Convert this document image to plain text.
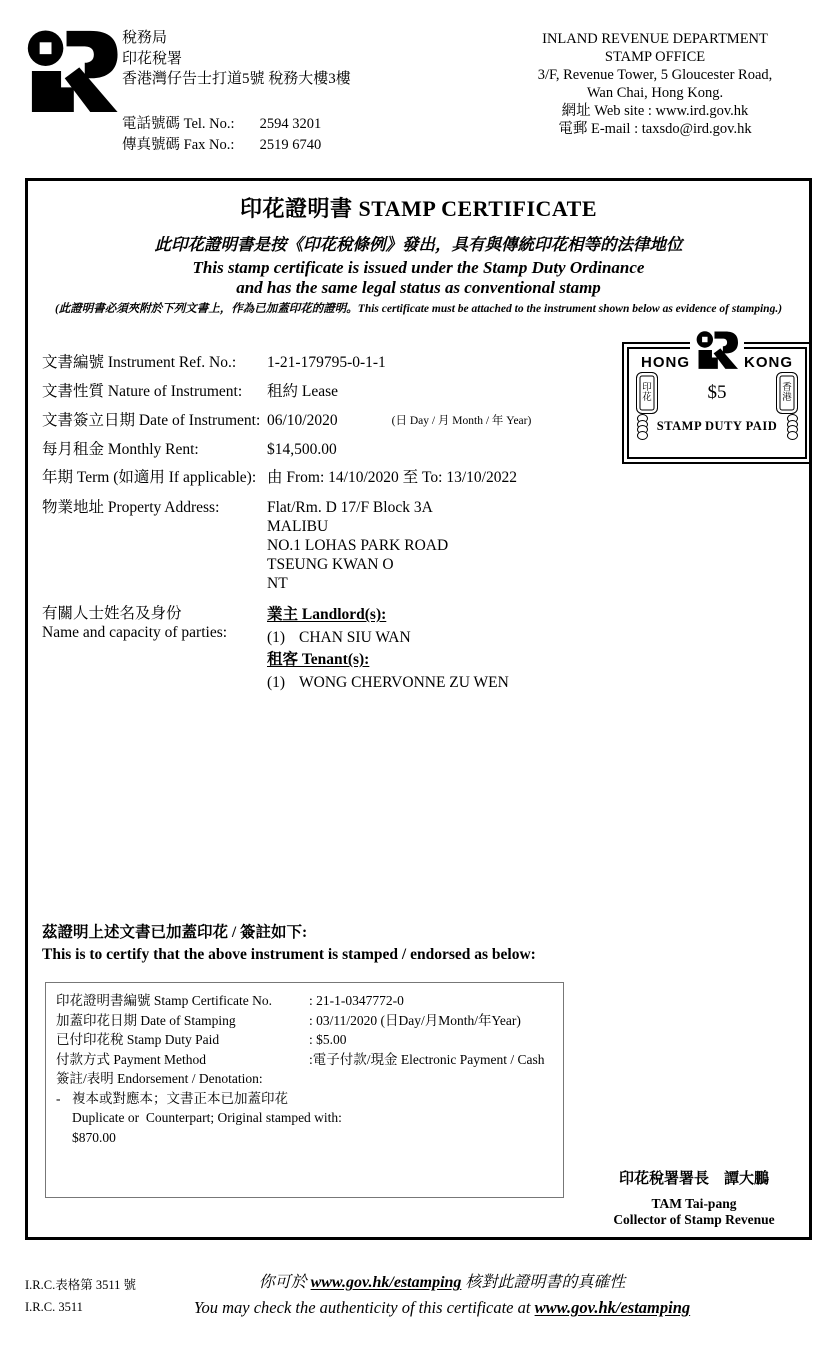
稅務局
印花稅署
香港灣仔告士打道5號 稅務大樓3樓
電話號碼 Tel. No.: 2594 3201
傳真號碼 Fax No.: 2519 6740
INLAND REVENUE DEPARTMENT
STAMP OFFICE
3/F, Revenue Tower, 5 Gloucester Road,
Wan Chai, Hong Kong.
網址 Web site : www.ird.gov.hk
電郵 E-mail : taxsdo@ird.gov.hk
印花證明書 STAMP CERTIFICATE
此印花證明書是按《印花稅條例》發出，具有與傳統印花相等的法律地位
This stamp certificate is issued under the Stamp Duty Ordinance
and has the same legal status as conventional stamp
(此證明書必須夾附於下列文書上，作為已加蓋印花的證明。This certificate must be attached to the instrument shown below as evidence of stamping.)
文書編號 Instrument Ref. No.:	1-21-179795-0-1-1
文書性質 Nature of Instrument:	租約 Lease
文書簽立日期 Date of Instrument: 06/10/2020	(日 Day / 月 Month / 年 Year)
每月租金 Monthly Rent:	$14,500.00
年期 Term (如適用 If applicable): 由 From: 14/10/2020 至 To: 13/10/2022
物業地址 Property Address:	Flat/Rm. D 17/F Block 3A
MALIBU
NO.1 LOHAS PARK ROAD
TSEUNG KWAN O
NT
有關人士姓名及身份
Name and capacity of parties:
業主 Landlord(s):
(1) CHAN SIU WAN
租客 Tenant(s):
(1) WONG CHERVONNE ZU WEN
HONG	KONG
印
花	$5	香
港
STAMP DUTY PAID
茲證明上述文書已加蓋印花 / 簽註如下:
This is to certify that the above instrument is stamped / endorsed as below:
印花證明書編號 Stamp Certificate No.	: 21-1-0347772-0
加蓋印花日期 Date of Stamping	: 03/11/2020 (日Day/月Month/年Year)
已付印花稅 Stamp Duty Paid	: $5.00
付款方式 Payment Method	:電子付款/現金 Electronic Payment / Cash
簽註/表明 Endorsement / Denotation:
- 複本或對應本；文書正本已加蓋印花
Duplicate or  Counterpart; Original stamped with:
$870.00
印花稅署署長　譚大鵬
TAM Tai-pang
Collector of Stamp Revenue
I.R.C.表格第 3511 號
I.R.C. 3511
你可於 www.gov.hk/estamping 核對此證明書的真確性
You may check the authenticity of this certificate at www.gov.hk/estamping
